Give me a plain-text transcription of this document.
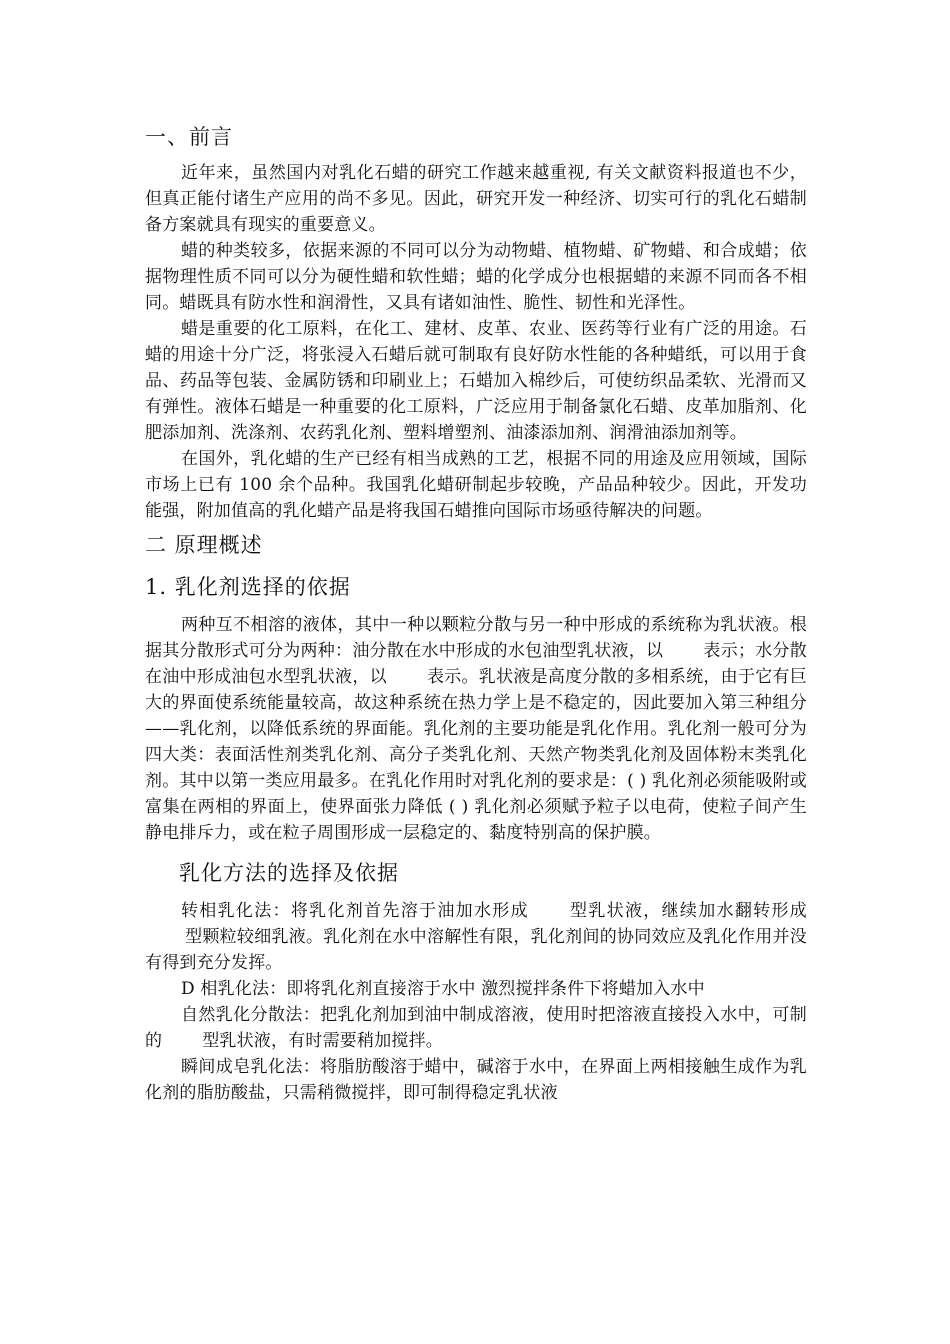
一、前言

近年来，虽然国内对乳化石蜡的研究工作越来越重视, 有关文献资料报道也不少，但真正能付诸生产应用的尚不多见。因此，研究开发一种经济、切实可行的乳化石蜡制备方案就具有现实的重要意义。

蜡的种类较多，依据来源的不同可以分为动物蜡、植物蜡、矿物蜡、和合成蜡；依据物理性质不同可以分为硬性蜡和软性蜡；蜡的化学成分也根据蜡的来源不同而各不相同。蜡既具有防水性和润滑性，又具有诸如油性、脆性、韧性和光泽性。

蜡是重要的化工原料，在化工、建材、皮革、农业、医药等行业有广泛的用途。石蜡的用途十分广泛，将张浸入石蜡后就可制取有良好防水性能的各种蜡纸，可以用于食品、药品等包装、金属防锈和印刷业上；石蜡加入棉纱后，可使纺织品柔软、光滑而又有弹性。液体石蜡是一种重要的化工原料，广泛应用于制备氯化石蜡、皮革加脂剂、化肥添加剂、洗涤剂、农药乳化剂、塑料增塑剂、油漆添加剂、润滑油添加剂等。

在国外，乳化蜡的生产已经有相当成熟的工艺，根据不同的用途及应用领域，国际市场上已有 100 余个品种。我国乳化蜡研制起步较晚，产品品种较少。因此，开发功能强，附加值高的乳化蜡产品是将我国石蜡推向国际市场亟待解决的问题。

二 原理概述
1. 乳化剂选择的依据

两种互不相溶的液体，其中一种以颗粒分散与另一种中形成的系统称为乳状液。根据其分散形式可分为两种：油分散在水中形成的水包油型乳状液，以 表示；水分散在油中形成油包水型乳状液，以 表示。乳状液是高度分散的多相系统，由于它有巨大的界面使系统能量较高，故这种系统在热力学上是不稳定的，因此要加入第三种组分——乳化剂，以降低系统的界面能。乳化剂的主要功能是乳化作用。乳化剂一般可分为四大类：表面活性剂类乳化剂、高分子类乳化剂、天然产物类乳化剂及固体粉末类乳化剂。其中以第一类应用最多。在乳化作用时对乳化剂的要求是：( ) 乳化剂必须能吸附或富集在两相的界面上，使界面张力降低 ( ) 乳化剂必须赋予粒子以电荷，使粒子间产生静电排斥力，或在粒子周围形成一层稳定的、黏度特别高的保护膜。

乳化方法的选择及依据

转相乳化法：将乳化剂首先溶于油加水形成 型乳状液，继续加水翻转形成型颗粒较细乳液。乳化剂在水中溶解性有限，乳化剂间的协同效应及乳化作用并没有得到充分发挥。

D 相乳化法：即将乳化剂直接溶于水中 激烈搅拌条件下将蜡加入水中

自然乳化分散法：把乳化剂加到油中制成溶液，使用时把溶液直接投入水中，可制的 型乳状液，有时需要稍加搅拌。

瞬间成皂乳化法：将脂肪酸溶于蜡中，碱溶于水中，在界面上两相接触生成作为乳化剂的脂肪酸盐，只需稍微搅拌，即可制得稳定乳状液
